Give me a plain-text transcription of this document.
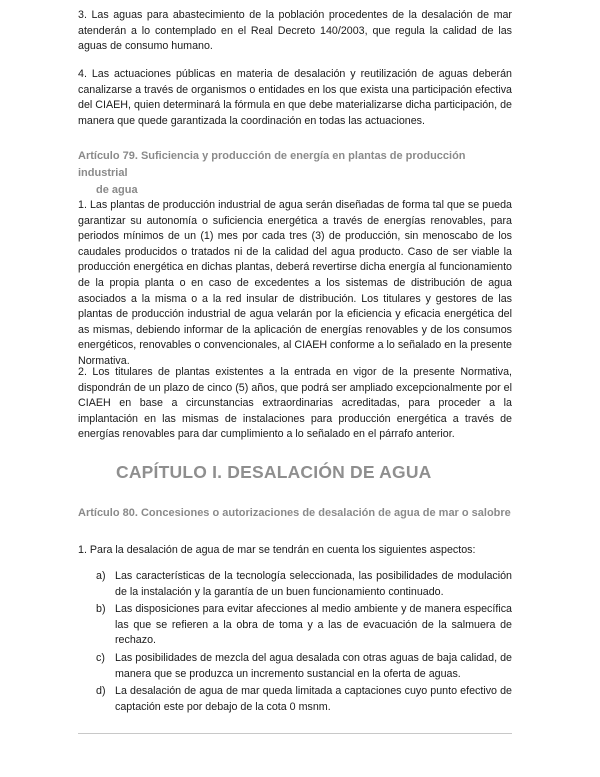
3. Las aguas para abastecimiento de la población procedentes de la desalación de mar atenderán a lo contemplado en el Real Decreto 140/2003, que regula la calidad de las aguas de consumo humano.

4. Las actuaciones públicas en materia de desalación y reutilización de aguas deberán canalizarse a través de organismos o entidades en los que exista una participación efectiva del CIAEH, quien determinará la fórmula en que debe materializarse dicha participación, de manera que quede garantizada la coordinación en todas las actuaciones.

Artículo 79. Suficiencia y producción de energía en plantas de producción industrial
de agua

1. Las plantas de producción industrial de agua serán diseñadas de forma tal que se pueda garantizar su autonomía o suficiencia energética a través de energías renovables, para periodos mínimos de un (1) mes por cada tres (3) de producción, sin menoscabo de los caudales producidos o tratados ni de la calidad del agua producto. Caso de ser viable la producción energética en dichas plantas, deberá revertirse dicha energía al funcionamiento de la propia planta o en caso de excedentes a los sistemas de distribución de agua asociados a la misma o a la red insular de distribución. Los titulares y gestores de las plantas de producción industrial de agua velarán por la eficiencia y eficacia energética del as mismas, debiendo informar de la aplicación de energías renovables y de los consumos energéticos, renovables o convencionales, al CIAEH conforme a lo señalado en la presente Normativa.

2. Los titulares de plantas existentes a la entrada en vigor de la presente Normativa, dispondrán de un plazo de cinco (5) años, que podrá ser ampliado excepcionalmente por el CIAEH en base a circunstancias extraordinarias acreditadas, para proceder a la implantación en las mismas de instalaciones para producción energética a través de energías renovables para dar cumplimiento a lo señalado en el párrafo anterior.

CAPÍTULO I. DESALACIÓN DE AGUA
Artículo 80. Concesiones o autorizaciones de desalación de agua de mar o salobre

1. Para la desalación de agua de mar se tendrán en cuenta los siguientes aspectos:

a) Las características de la tecnología seleccionada, las posibilidades de modulación de la instalación y la garantía de un buen funcionamiento continuado.
b) Las disposiciones para evitar afecciones al medio ambiente y de manera específica las que se refieren a la obra de toma y a las de evacuación de la salmuera de rechazo.
c) Las posibilidades de mezcla del agua desalada con otras aguas de baja calidad, de manera que se produzca un incremento sustancial en la oferta de aguas.
d) La desalación de agua de mar queda limitada a captaciones cuyo punto efectivo de captación este por debajo de la cota 0 msnm.
